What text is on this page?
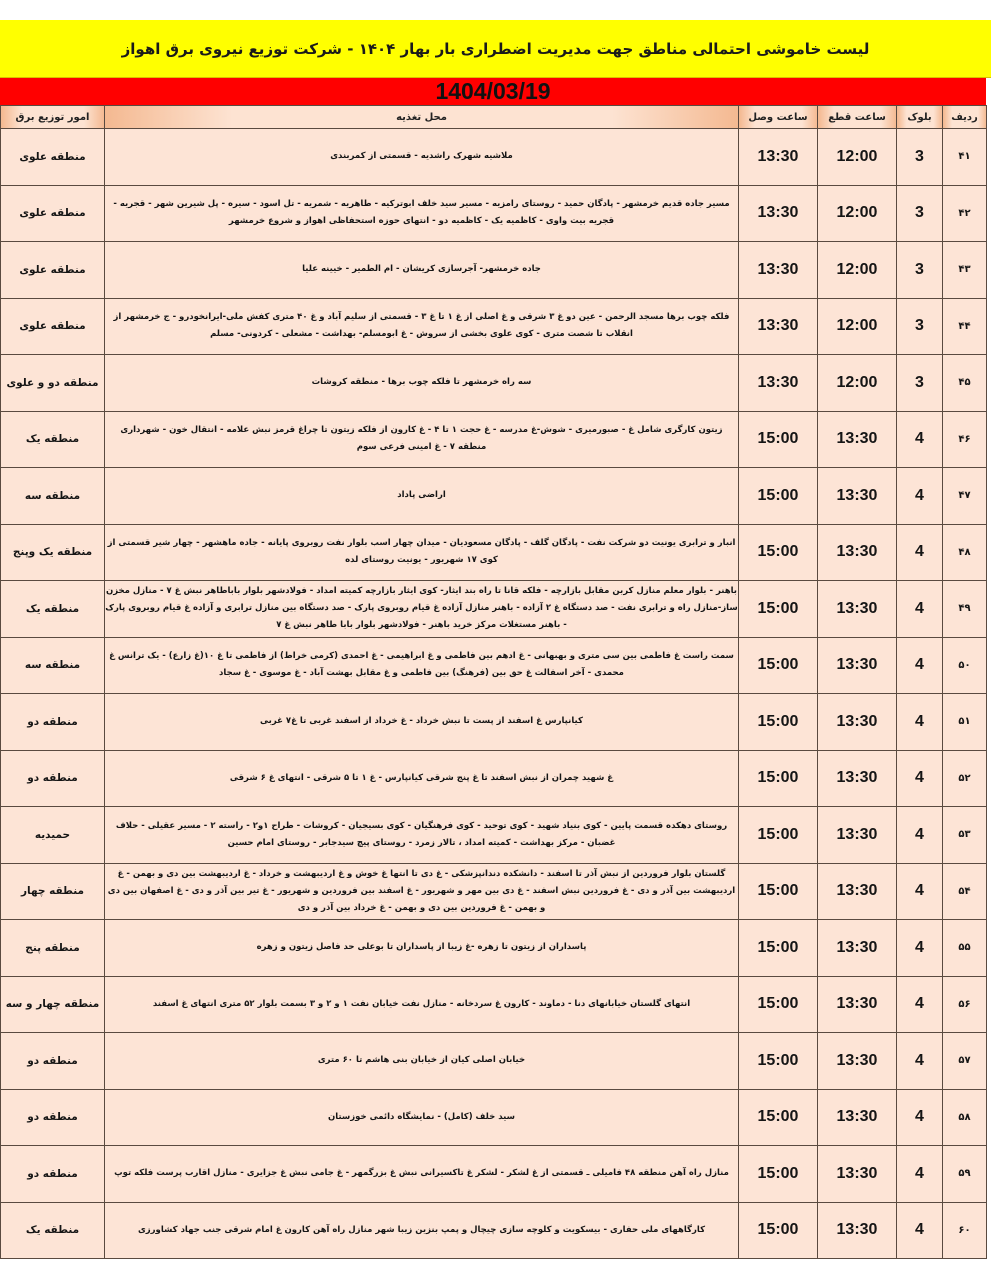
لیست خاموشی احتمالی مناطق جهت مدیریت اضطراری بار بهار ۱۴۰۴ - شرکت توزیع نیروی برق اهواز
1404/03/19
ردیف	بلوک	ساعت قطع	ساعت وصل	محل تغذیه	امور توزیع برق
۴۱	3	12:00	13:30	ملاشیه شهرک راشدیه - قسمتی از کمربندی	منطقه علوی
۴۲	3	12:00	13:30	مسیر جاده قدیم خرمشهر - پادگان حمید - روستای رامزیه - مسیر سید خلف ابوترکیه - طاهریه - شمریه - تل اسود - سیره - پل شیرین شهر - قجریه - قجریه بیت واوی - کاظمیه یک - کاظمیه دو - انتهای حوزه استحفاظی اهواز و شروع خرمشهر	منطقه علوی
۴۳	3	12:00	13:30	جاده خرمشهر- آجرسازی کریشان - ام الطمیر - خیینه علیا	منطقه علوی
۴۴	3	12:00	13:30	فلکه چوب برها مسجد الرحمن - عین دو غ ۳ شرقی و غ اصلی از غ ۱ تا غ ۳ - قسمتی از سلیم آباد و غ ۴۰ متری کفش ملی-ایرانخودرو - ج خرمشهر از انقلاب تا شصت متری - کوی علوی بخشی از سروش - غ ابومسلم- بهداشت - مشعلی - کردونی- مسلم	منطقه علوی
۴۵	3	12:00	13:30	سه راه خرمشهر تا فلکه چوب برها - منطقه کروشات	منطقه دو و علوی
۴۶	4	13:30	15:00	زیتون کارگری شامل غ - صبورمیری - شوش-غ مدرسه - غ حجت ۱ تا ۴ - غ کارون از فلکه زیتون تا چراغ قرمز نبش علامه - انتقال خون - شهرداری منطقه ۷ - غ امینی فرعی سوم	منطقه یک
۴۷	4	13:30	15:00	اراضی پاداد	منطقه سه
۴۸	4	13:30	15:00	انبار و ترابری یونیت دو شرکت نفت - پادگان گلف - پادگان مسعودیان - میدان چهار اسب بلوار نفت روبروی پایانه - جاده ماهشهر - چهار شیر قسمتی از کوی ۱۷ شهریور - یونیت روستای لده	منطقه یک وپنج
۴۹	4	13:30	15:00	باهنر - بلوار معلم منازل کربن مقابل بازارچه - فلکه قانا تا راه بند ایثار- کوی ایثار بازارچه کمیته امداد - فولادشهر بلوار باباطاهر نبش غ ۷ - منازل مخزن ساز-منازل راه و ترابری نفت - صد دستگاه غ ۲ آزاده - باهنر منازل آزاده غ قیام روبروی پارک - صد دستگاه بین منازل ترابری و آزاده غ قیام روبروی پارک - باهنر مستغلات مرکز خرید باهنر - فولادشهر بلوار بابا طاهر نبش غ ۷	منطقه یک
۵۰	4	13:30	15:00	سمت راست غ فاطمی بین سی متری و بهبهانی - غ ادهم بین فاطمی و غ ابراهیمی - غ احمدی (کرمی خراط) از فاطمی تا غ ۱۰(غ زارع) - یک ترانس غ محمدی - آخر اسفالت غ حق بین (فرهنگ) بین فاطمی و غ مقابل بهشت آباد - غ موسوی - غ سجاد	منطقه سه
۵۱	4	13:30	15:00	کیانپارس غ اسفند از پست تا نبش خرداد - غ خرداد از اسفند غربی تا غ۷ غربی	منطقه دو
۵۲	4	13:30	15:00	غ شهید چمران از نبش اسفند تا غ پنج شرقی کیانپارس - غ ۱ تا ۵ شرقی - انتهای غ ۶ شرقی	منطقه دو
۵۳	4	13:30	15:00	روستای دهکده قسمت پایین - کوی بنیاد شهید - کوی توحید - کوی فرهنگیان - کوی بسیجیان - کروشات - طراح ۱و۲ - راسته ۲ - مسیر عقیلی - حلاف غضبان - مرکز بهداشت - کمیته امداد ، تالار زمرد - روستای پیچ سیدجابر - روستای امام حسین	حمیدیه
۵۴	4	13:30	15:00	گلستان بلوار فروردین از نبش آذر تا اسفند - دانشکده دندانپزشکی - غ دی تا انتها غ خوش و غ اردیبهشت و خرداد - غ اردیبهشت بین دی و بهمن - غ اردیبهشت بین آذر و دی - غ فروردین نبش اسفند - غ دی بین مهر و شهریور - غ اسفند بین فروردین و شهریور - غ تیر بین آذر و دی - غ اصفهان بین دی و بهمن - غ فروردین بین دی و بهمن - غ خرداد بین آذر و دی	منطقه چهار
۵۵	4	13:30	15:00	پاسداران از زیتون تا زهره -غ زیبا از پاسداران تا بوعلی حد فاصل زیتون و زهره	منطقه پنج
۵۶	4	13:30	15:00	انتهای گلستان خیابانهای دنا - دماوند - کارون غ سردخانه - منازل نفت خیابان نفت ۱ و ۲ و ۳ بسمت بلوار ۵۲ متری انتهای غ اسفند	منطقه چهار و سه
۵۷	4	13:30	15:00	خیابان اصلی کیان از خیابان بنی هاشم تا ۶۰ متری	منطقه دو
۵۸	4	13:30	15:00	سید خلف (کامل) - نمایشگاه دائمی خوزستان	منطقه دو
۵۹	4	13:30	15:00	منازل راه آهن منطقه ۴۸ فامیلی ـ قسمتی از غ لشکر - لشکر غ تاکسیرانی نبش غ بزرگمهر - غ جامی نبش غ جزایری - منازل اقارب پرست فلکه توپ	منطقه دو
۶۰	4	13:30	15:00	کارگاههای ملی حفاری - بیسکویت و کلوچه سازی چیچال و پمپ بنزین زیبا شهر منازل راه آهن کارون غ امام شرقی جنب جهاد کشاورزی	منطقه یک
